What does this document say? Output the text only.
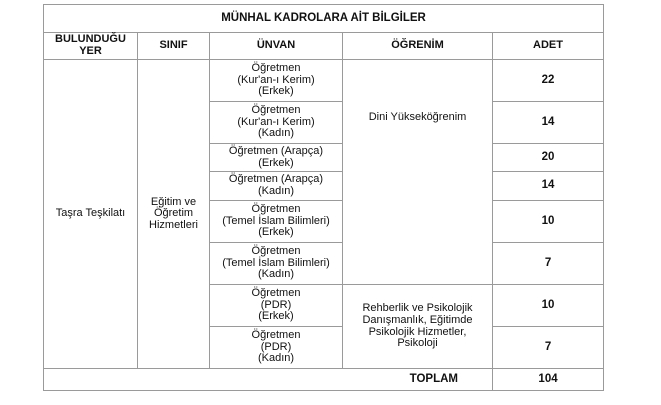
MÜNHAL KADROLARA AİT BİLGİLER				
BULUNDUĞU
YER	SINIF	ÜNVAN	ÖĞRENİM	ADET
Taşra Teşkilatı	Eğitim ve Öğretim Hizmetleri	Öğretmen
(Kur'an-ı Kerim)
(Erkek)	Dini Yükseköğrenim	22
		Öğretmen
(Kur'an-ı Kerim)
(Kadın)		14
		Öğretmen (Arapça)
(Erkek)		20
		Öğretmen (Arapça)
(Kadın)		14
		Öğretmen
(Temel İslam Bilimleri)
(Erkek)		10
		Öğretmen
(Temel İslam Bilimleri)
(Kadın)		7
		Öğretmen
(PDR)
(Erkek)	Rehberlik ve Psikolojik Danışmanlık, Eğitimde Psikolojik Hizmetler, Psikoloji	10
		Öğretmen
(PDR)
(Kadın)		7
TOPLAM				104
